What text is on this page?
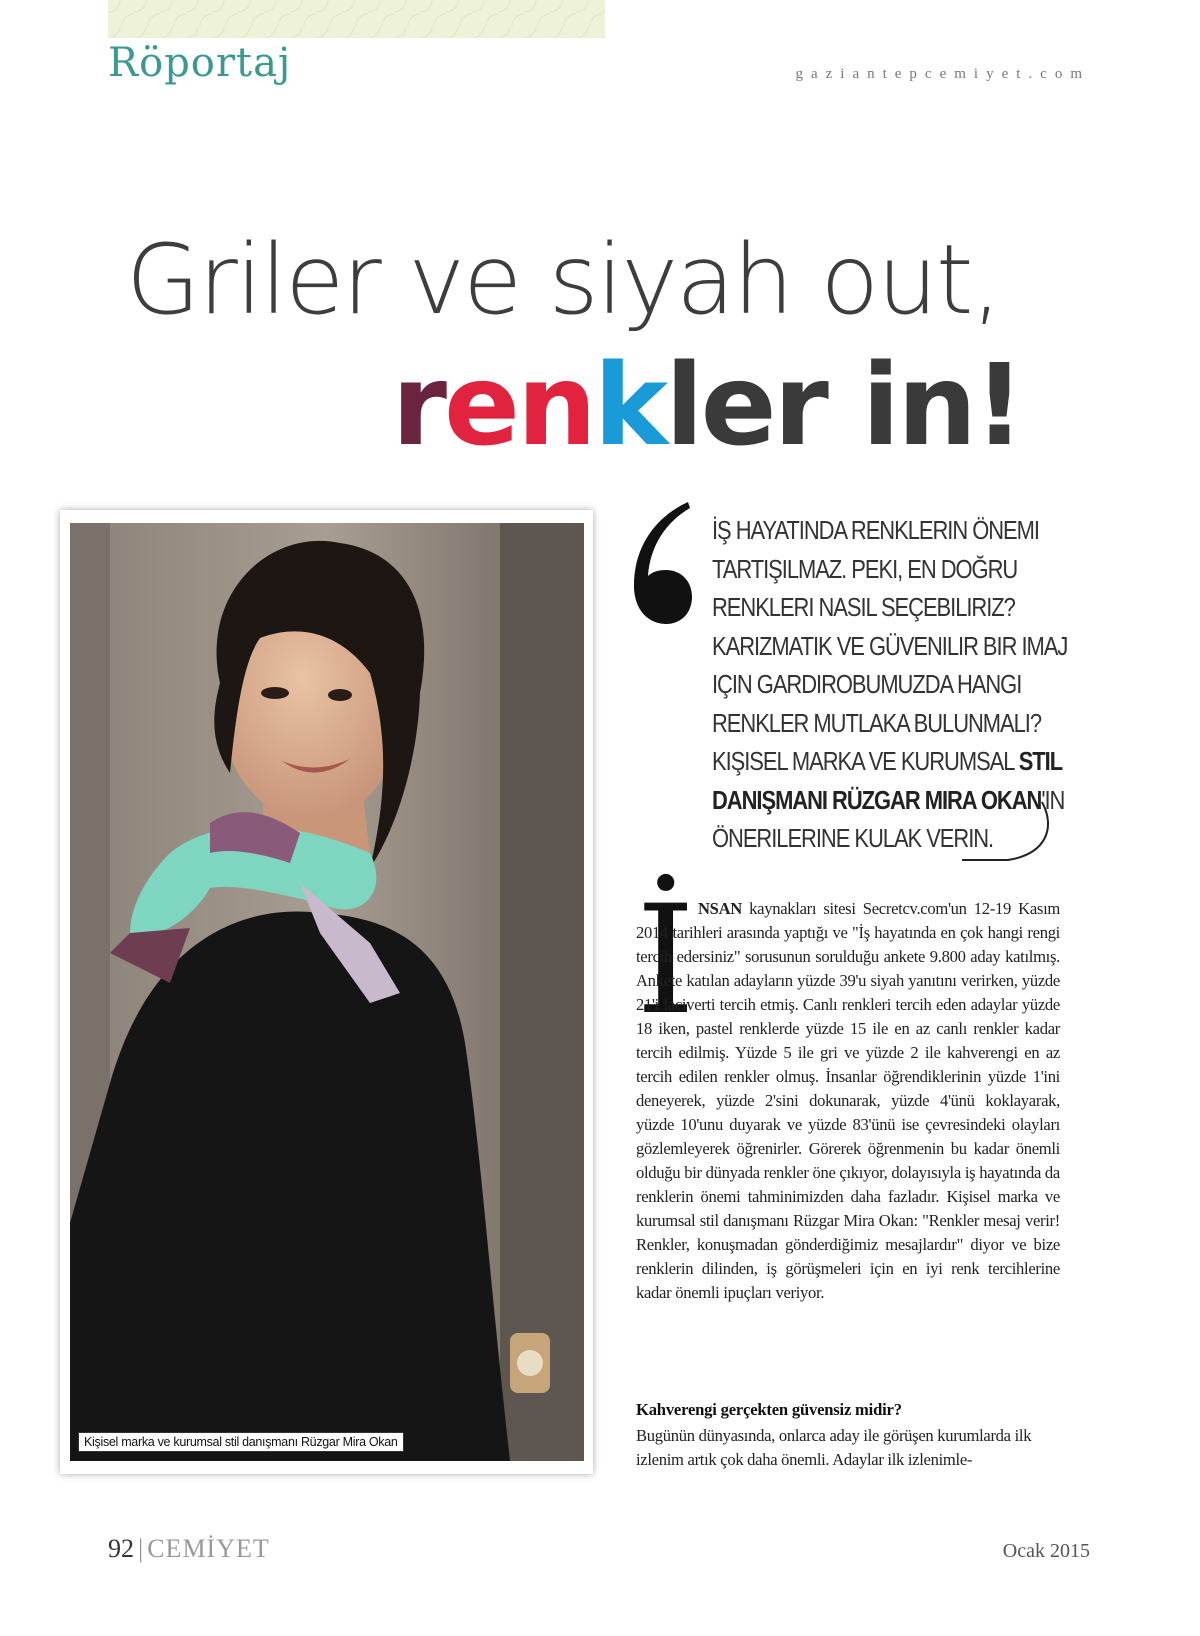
Röportaj	gaziantepcemiyet.com
Griler ve siyah out,
renkler in!
Kişisel marka ve kurumsal stil danışmanı Rüzgar Mira Okan
İŞ HAYATINDA RENKLERIN ÖNEMI TARTIŞILMAZ. PEKI, EN DOĞRU RENKLERI NASIL SEÇEBILIRIZ? KARIZMATIK VE GÜVENILIR BIR IMAJ IÇIN GARDIROBUMUZDA HANGI RENKLER MUTLAKA BULUNMALI? KIŞISEL MARKA VE KURUMSAL STIL DANIŞMANI RÜZGAR MIRA OKAN'IN ÖNERILERINE KULAK VERIN.
İ NSAN kaynakları sitesi Secretcv.com'un 12-19 Kasım 2014 tarihleri arasında yaptığı ve "İş hayatında en çok hangi rengi tercih edersiniz" sorusunun sorulduğu ankete 9.800 aday katılmış. Ankete katılan adayların yüzde 39'u siyah yanıtını verirken, yüzde 21'i laciverti tercih etmiş. Canlı renkleri tercih eden adaylar yüzde 18 iken, pastel renklerde yüzde 15 ile en az canlı renkler kadar tercih edilmiş. Yüzde 5 ile gri ve yüzde 2 ile kahverengi en az tercih edilen renkler olmuş. İnsanlar öğrendiklerinin yüzde 1'ini deneyerek, yüzde 2'sini dokunarak, yüzde 4'ünü koklayarak, yüzde 10'unu duyarak ve yüzde 83'ünü ise çevresindeki olayları gözlemleyerek öğrenirler. Görerek öğrenmenin bu kadar önemli olduğu bir dünyada renkler öne çıkıyor, dolayısıyla iş hayatında da renklerin önemi tahminimizden daha fazladır. Kişisel marka ve kurumsal stil danışmanı Rüzgar Mira Okan: "Renkler mesaj verir! Renkler, konuşmadan gönderdiğimiz mesajlardır" diyor ve bize renklerin dilinden, iş görüşmeleri için en iyi renk tercihlerine kadar önemli ipuçları veriyor.

Kahverengi gerçekten güvensiz midir?
Bugünün dünyasında, onlarca aday ile görüşen kurumlarda ilk izlenim artık çok daha önemli. Adaylar ilk izlenimle-
92 | CEMİYET	Ocak 2015
